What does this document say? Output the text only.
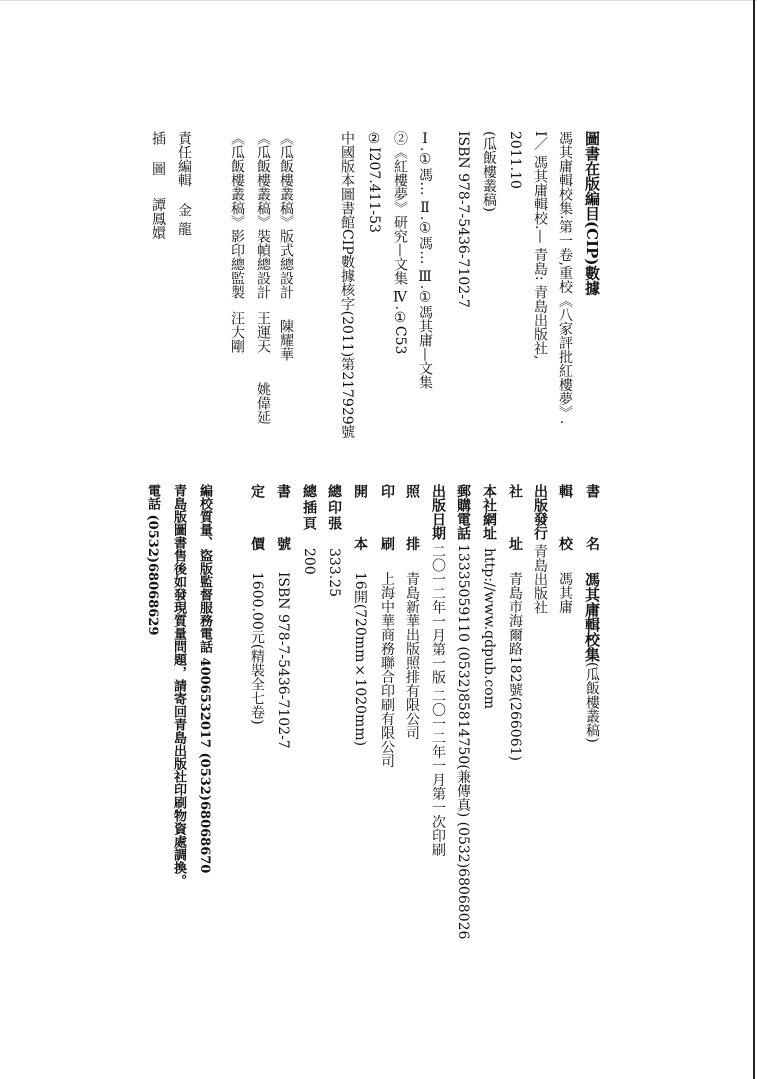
圖書在版編目(CIP)數據
馮其庸輯校集.第一卷,重校《八家評批紅樓夢》.
I／ 馮其庸輯校.— 青島: 青島出版社,
2011.10
(瓜飯樓叢稿)
ISBN 978-7-5436-7102-7
Ⅰ.①馮… Ⅱ.①馮… Ⅲ.①馮其庸—文集
②《紅樓夢》研究—文集 Ⅳ.①C53
②I207.411-53
中國版本圖書館CIP數據核字(2011)第217929號
《瓜飯樓叢稿》版式總設計陳耀華
姚偉延
《瓜飯樓叢稿》裝幀總設計王運天
《瓜飯樓叢稿》影印總監製汪大剛
責任編輯金 龍
插 圖譚鳳嬛
書 名馮其庸輯校集(瓜飯樓叢稿)
輯 校馮其庸
出版發行青島出版社
社 址青島市海爾路182號(266061)
本社網址http://www.qdpub.com
郵購電話13335059110 (0532)85814750(兼傳真) (0532)68068026
出版日期二〇一二年一月第一版 二〇一二年一月第一次印刷
照 排青島新華出版照排有限公司
印 刷上海中華商務聯合印刷有限公司
開 本16開(720mm×1020mm)
總印張333.25
總插頁200
書 號ISBN 978-7-5436-7102-7
定 價1600.00元(精裝全七卷)
編校質量、盜版監督服務電話 4006532017 (0532)68068670
青島版圖書售後如發現質量問題，請寄回青島出版社印刷物資處調換。
電話 (0532)68068629
